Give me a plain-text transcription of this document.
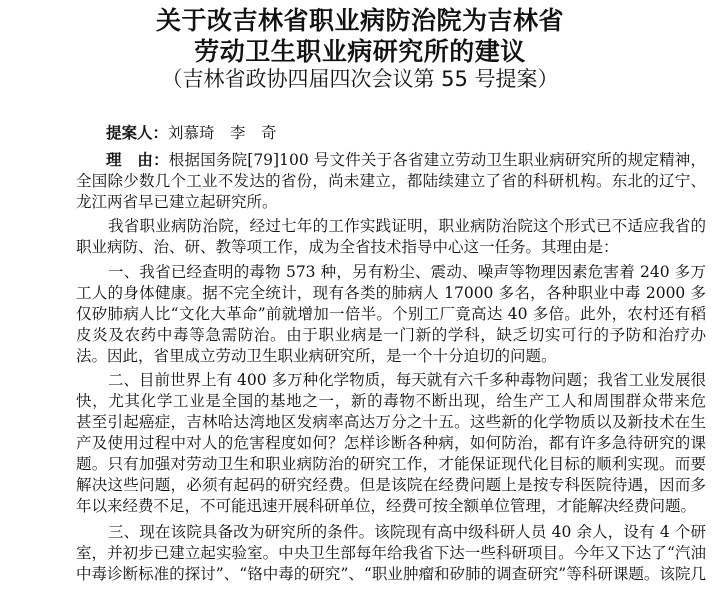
关于改吉林省职业病防治院为吉林省
劳动卫生职业病研究所的建议
（吉林省政协四届四次会议第 55 号提案）
提案人：刘慕琦　李　奇
理　由：根据国务院[79]100 号文件关于各省建立劳动卫生职业病研究所的规定精神，
全国除少数几个工业不发达的省份，尚未建立，都陆续建立了省的科研机构。东北的辽宁、
龙江两省早已建立起研究所。
我省职业病防治院，经过七年的工作实践证明，职业病防治院这个形式已不适应我省的
职业病防、治、研、教等项工作，成为全省技术指导中心这一任务。其理由是：
一、我省已经查明的毒物 573 种，另有粉尘、震动、噪声等物理因素危害着 240 多万
工人的身体健康。据不完全统计，现有各类的肺病人 17000 多名，各种职业中毒 2000 多
仅矽肺病人比“文化大革命”前就增加一倍半。个别工厂竟高达 40 多倍。此外，农村还有稻
皮炎及农药中毒等急需防治。由于职业病是一门新的学科，缺乏切实可行的予防和治疗办
法。因此，省里成立劳动卫生职业病研究所，是一个十分迫切的问题。
二、目前世界上有 400 多万种化学物质，每天就有六千多种毒物问题；我省工业发展很
快，尤其化学工业是全国的基地之一，新的毒物不断出现，给生产工人和周围群众带来危
甚至引起癌症，吉林哈达湾地区发病率高达万分之十五。这些新的化学物质以及新技术在生
产及使用过程中对人的危害程度如何？怎样诊断各种病，如何防治，都有许多急待研究的课
题。只有加强对劳动卫生和职业病防治的研究工作，才能保证现代化目标的顺利实现。而要
解决这些问题，必须有起码的研究经费。但是该院在经费问题上是按专科医院待遇，因而多
年以来经费不足，不可能迅速开展科研单位，经费可按全额单位管理，才能解决经费问题。
三、现在该院具备改为研究所的条件。该院现有高中级科研人员 40 余人，设有 4 个研
室，并初步已建立起实验室。中央卫生部每年给我省下达一些科研项目。今年又下达了“汽油
中毒诊断标准的探讨”、“铬中毒的研究”、“职业肿瘤和矽肺的调查研究”等科研课题。该院几
